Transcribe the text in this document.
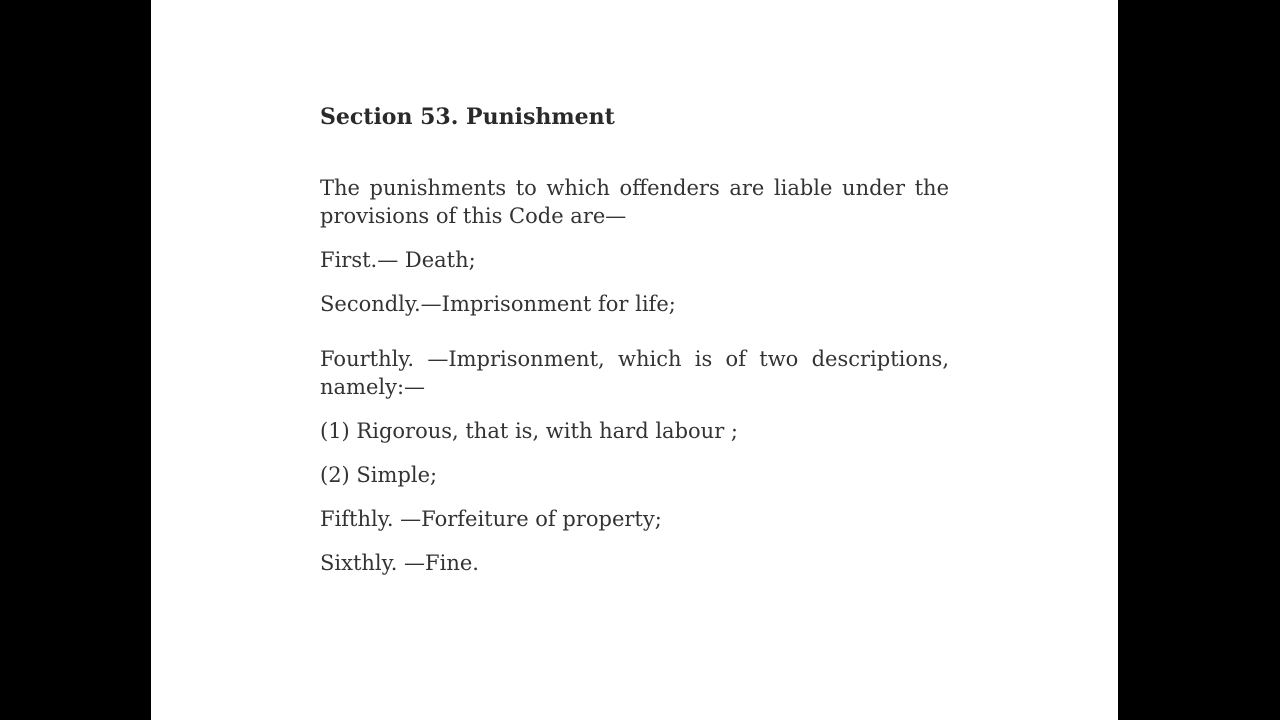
Section 53. Punishment

The punishments to which offenders are liable under the provisions of this Code are—

First.— Death;

Secondly.—Imprisonment for life;

Fourthly. —Imprisonment, which is of two descriptions, namely:—

(1) Rigorous, that is, with hard labour ;

(2) Simple;

Fifthly. —Forfeiture of property;

Sixthly. —Fine.
